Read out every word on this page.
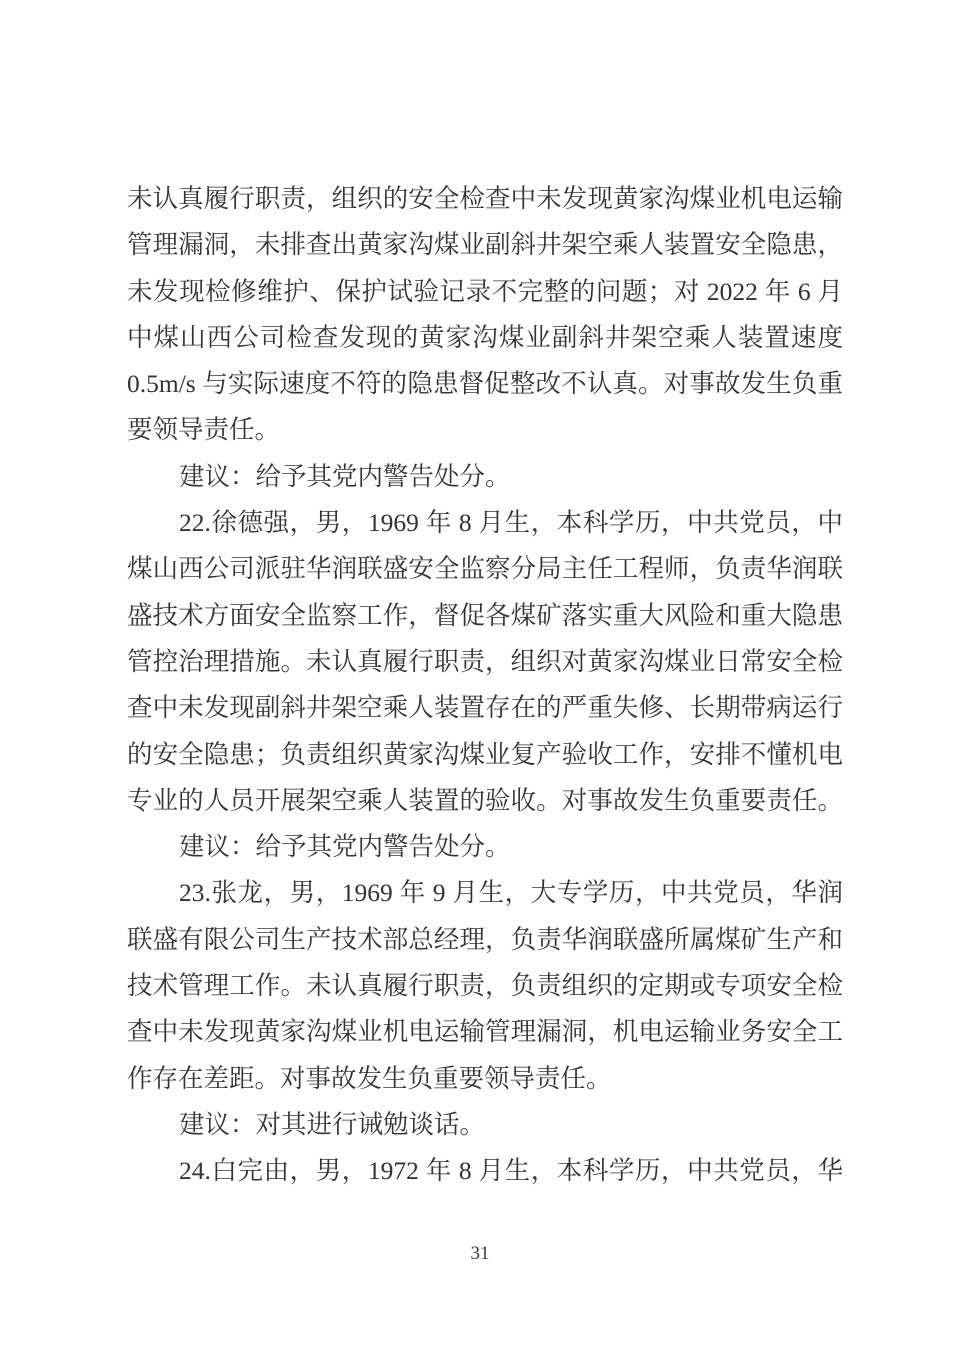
未认真履行职责，组织的安全检查中未发现黄家沟煤业机电运输
管理漏洞，未排查出黄家沟煤业副斜井架空乘人装置安全隐患，
未发现检修维护、保护试验记录不完整的问题；对 2022 年 6 月
中煤山西公司检查发现的黄家沟煤业副斜井架空乘人装置速度
0.5m/s 与实际速度不符的隐患督促整改不认真。对事故发生负重
要领导责任。
建议：给予其党内警告处分。
22.徐德强，男，1969 年 8 月生，本科学历，中共党员，中
煤山西公司派驻华润联盛安全监察分局主任工程师，负责华润联
盛技术方面安全监察工作，督促各煤矿落实重大风险和重大隐患
管控治理措施。未认真履行职责，组织对黄家沟煤业日常安全检
查中未发现副斜井架空乘人装置存在的严重失修、长期带病运行
的安全隐患；负责组织黄家沟煤业复产验收工作，安排不懂机电
专业的人员开展架空乘人装置的验收。对事故发生负重要责任。
建议：给予其党内警告处分。
23.张龙，男，1969 年 9 月生，大专学历，中共党员，华润
联盛有限公司生产技术部总经理，负责华润联盛所属煤矿生产和
技术管理工作。未认真履行职责，负责组织的定期或专项安全检
查中未发现黄家沟煤业机电运输管理漏洞，机电运输业务安全工
作存在差距。对事故发生负重要领导责任。
建议：对其进行诫勉谈话。
24.白完由，男，1972 年 8 月生，本科学历，中共党员，华
31
